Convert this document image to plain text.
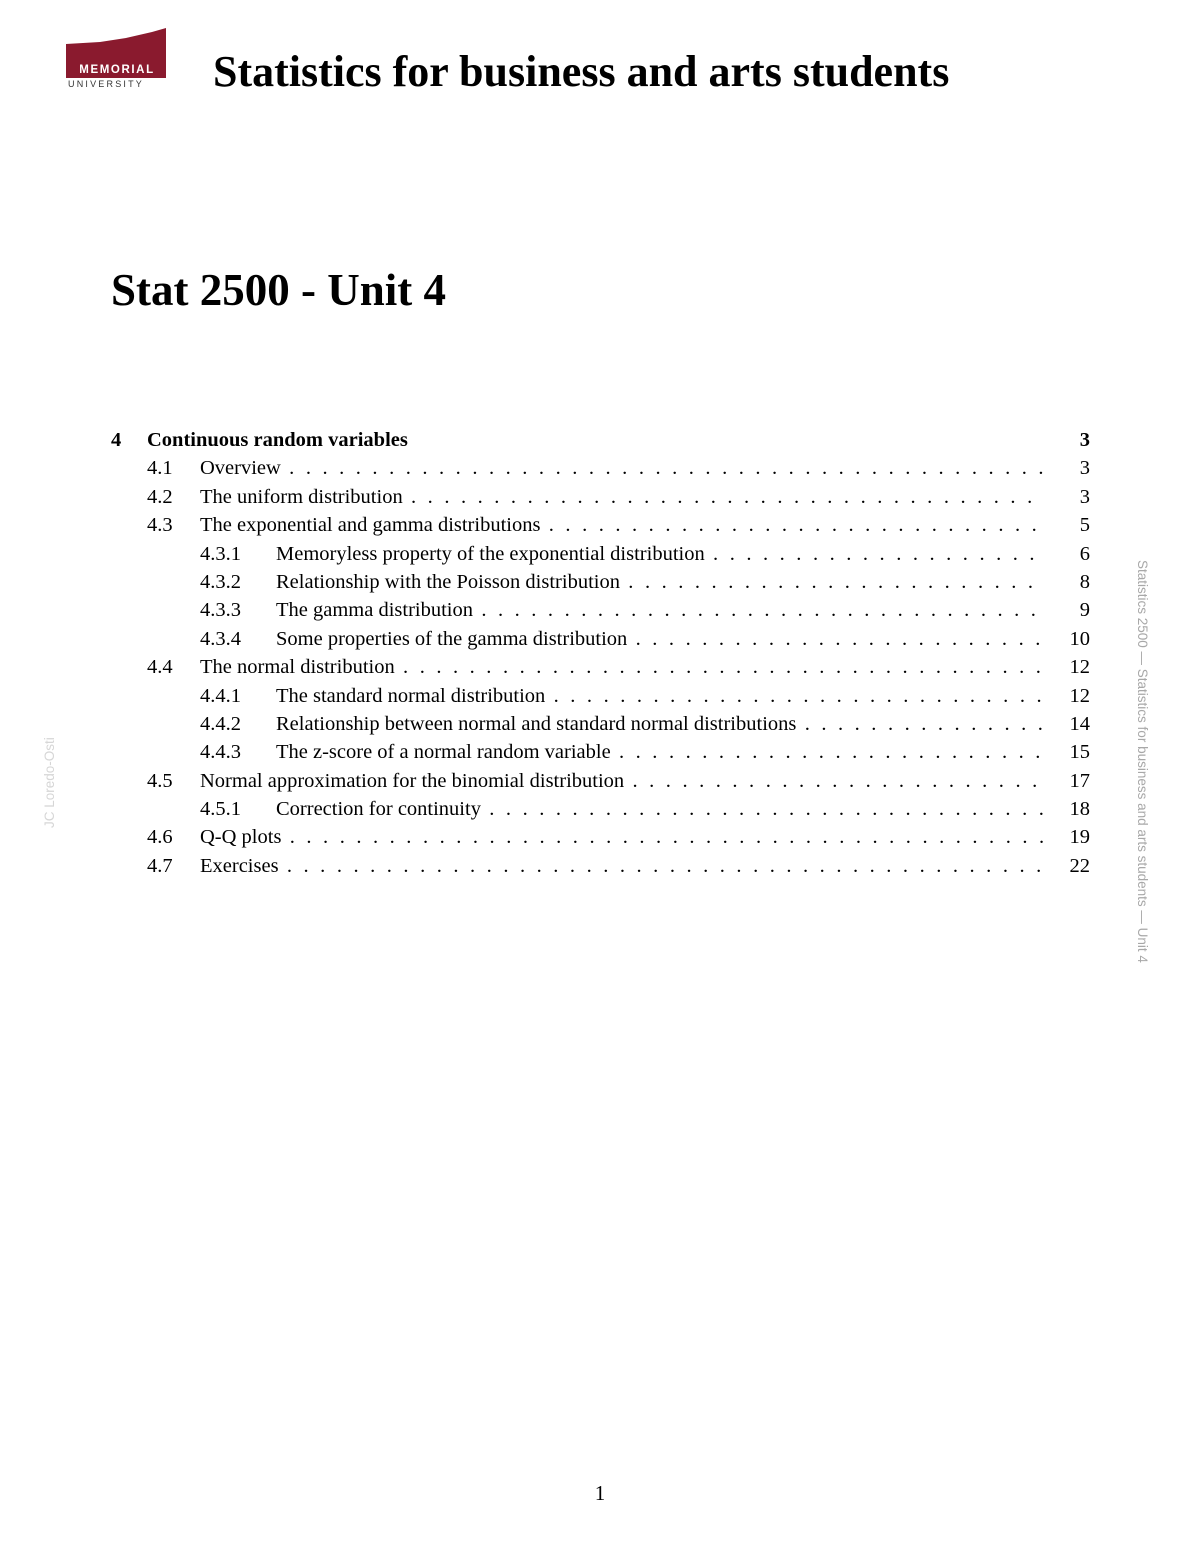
MEMORIAL
UNIVERSITY	Statistics for business and arts students
Stat 2500 - Unit 4
4 Continuous random variables	3
4.1 Overview . . .	3
4.2 The uniform distribution . . .	3
4.3 The exponential and gamma distributions . . .	5
4.3.1 Memoryless property of the exponential distribution . . .	6
4.3.2 Relationship with the Poisson distribution . . .	8
4.3.3 The gamma distribution . . .	9
4.3.4 Some properties of the gamma distribution . . .	10
4.4 The normal distribution . . .	12
4.4.1 The standard normal distribution . . .	12
4.4.2 Relationship between normal and standard normal distributions . . .	14
4.4.3 The z-score of a normal random variable . . .	15
4.5 Normal approximation for the binomial distribution . . .	17
4.5.1 Correction for continuity . . .	18
4.6 Q-Q plots . . .	19
4.7 Exercises . . .	22	Statistics 2500 — Statistics for business and arts students — Unit 4
JC Loredo-Osti
1
